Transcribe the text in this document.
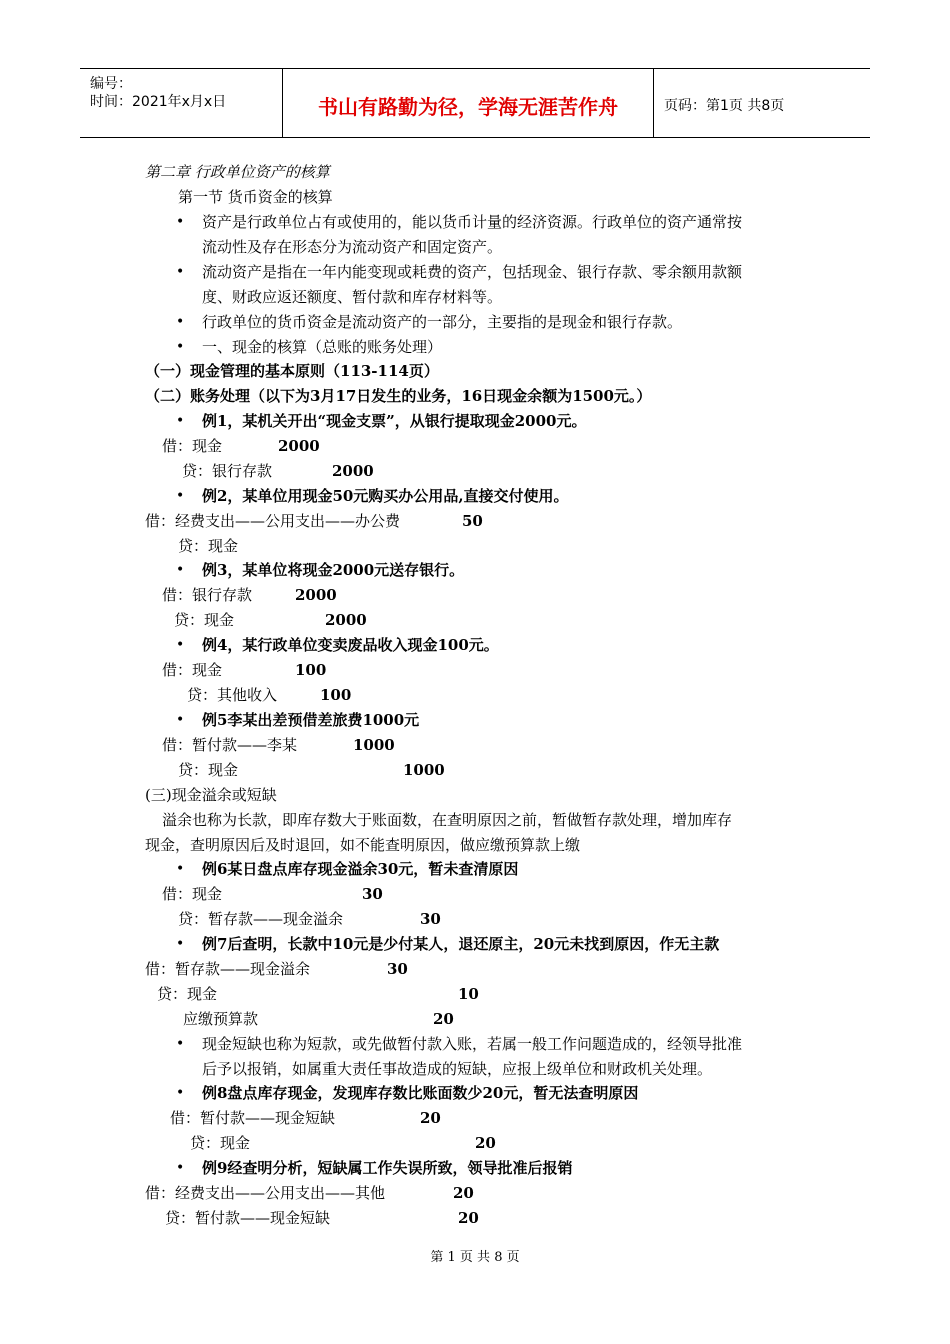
编号：
时间：2021年x月x日	书山有路勤为径，学海无涯苦作舟	页码：第1页 共8页
第二章 行政单位资产的核算
第一节 货币资金的核算
• 资产是行政单位占有或使用的，能以货币计量的经济资源。行政单位的资产通常按
流动性及存在形态分为流动资产和固定资产。
• 流动资产是指在一年内能变现或耗费的资产，包括现金、银行存款、零余额用款额
度、财政应返还额度、暂付款和库存材料等。
• 行政单位的货币资金是流动资产的一部分，主要指的是现金和银行存款。
• 一、现金的核算（总账的账务处理）
（一）现金管理的基本原则（113-114页）
（二）账务处理（以下为3月17日发生的业务，16日现金余额为1500元。）
• 例1，某机关开出“现金支票”，从银行提取现金2000元。
借：现金	2000
贷：银行存款	2000
• 例2，某单位用现金50元购买办公用品,直接交付使用。
借：经费支出——公用支出——办公费	50
贷：现金
• 例3，某单位将现金2000元送存银行。
借：银行存款	2000
贷：现金	2000
• 例4，某行政单位变卖废品收入现金100元。
借：现金	100
贷：其他收入	100
• 例5李某出差预借差旅费1000元
借：暂付款——李某	1000
贷：现金	1000
(三)现金溢余或短缺
溢余也称为长款，即库存数大于账面数，在查明原因之前，暂做暂存款处理，增加库存
现金，查明原因后及时退回，如不能查明原因，做应缴预算款上缴
• 例6某日盘点库存现金溢余30元，暂未查清原因
借：现金	30
贷：暂存款——现金溢余	30
• 例7后查明，长款中10元是少付某人，退还原主，20元未找到原因，作无主款
借：暂存款——现金溢余	30
贷：现金	10
应缴预算款	20
• 现金短缺也称为短款，或先做暂付款入账，若属一般工作问题造成的，经领导批准
后予以报销，如属重大责任事故造成的短缺，应报上级单位和财政机关处理。
• 例8盘点库存现金，发现库存数比账面数少20元，暂无法查明原因
借：暂付款——现金短缺	20
贷：现金	20
• 例9经查明分析，短缺属工作失误所致，领导批准后报销
借：经费支出——公用支出——其他	20
贷：暂付款——现金短缺	20
第 1 页 共 8 页
